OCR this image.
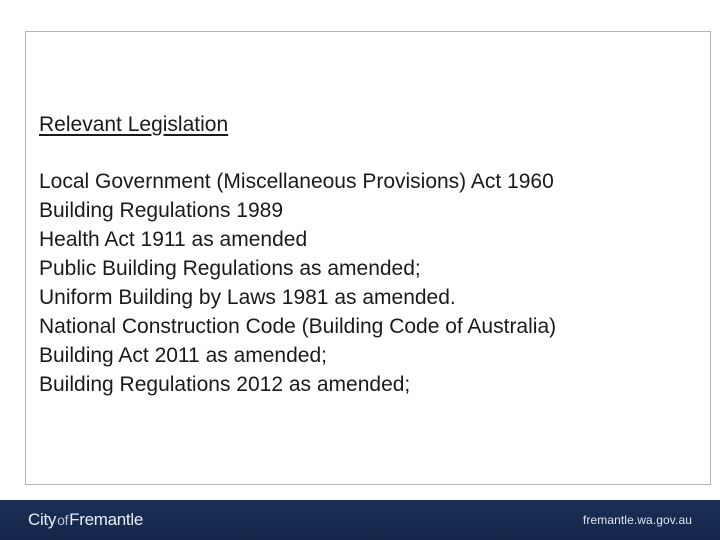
Relevant Legislation
Local Government (Miscellaneous Provisions) Act 1960
Building Regulations 1989
Health Act 1911 as amended
Public Building Regulations as amended;
Uniform Building by Laws 1981 as amended.
National Construction Code (Building Code of Australia)
Building Act 2011 as amended;
Building Regulations 2012 as amended;
CityofFremantle	fremantle.wa.gov.au
